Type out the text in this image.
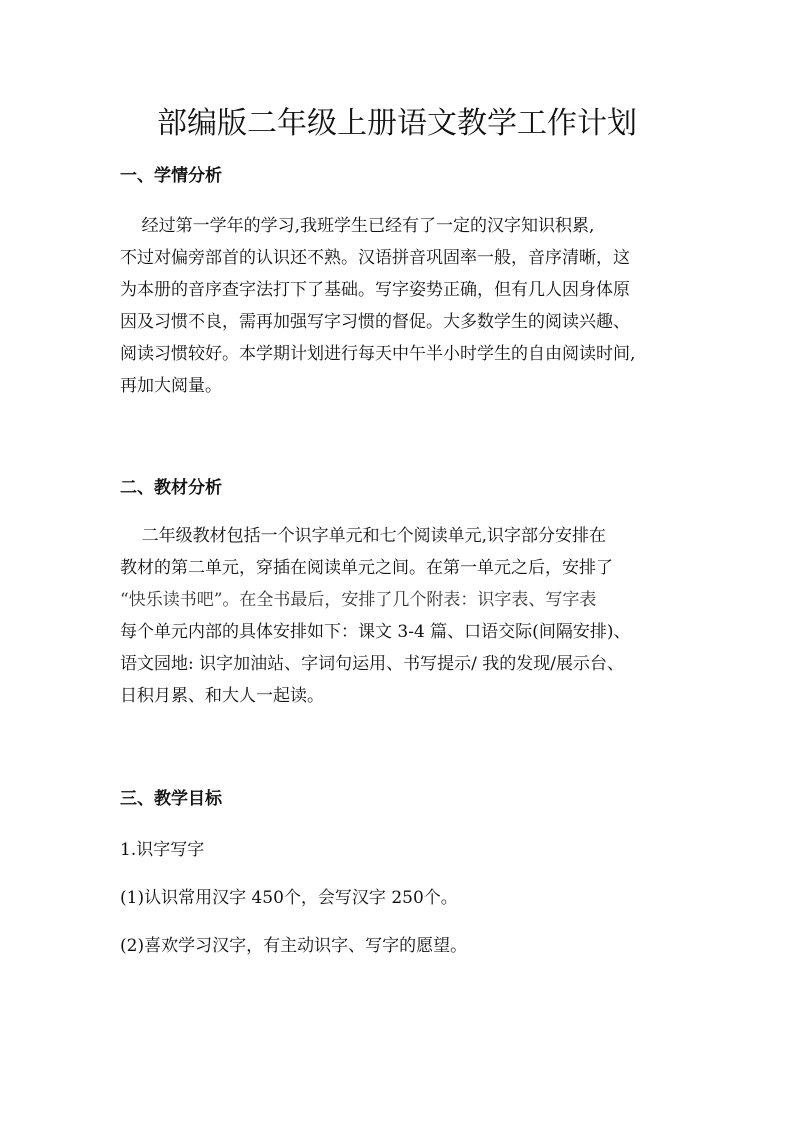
部编版二年级上册语文教学工作计划
一、学情分析
经过第一学年的学习,我班学生已经有了一定的汉字知识积累,
不过对偏旁部首的认识还不熟。汉语拼音巩固率一般，音序清晰，这
为本册的音序查字法打下了基础。写字姿势正确，但有几人因身体原
因及习惯不良，需再加强写字习惯的督促。大多数学生的阅读兴趣、
阅读习惯较好。本学期计划进行每天中午半小时学生的自由阅读时间,
再加大阅量。
二、教材分析
二年级教材包括一个识字单元和七个阅读单元,识字部分安排在
教材的第二单元，穿插在阅读单元之间。在第一单元之后，安排了
“快乐读书吧”。在全书最后，安排了几个附表：识字表、写字表
每个单元内部的具体安排如下：课文 3-4 篇、口语交际(间隔安排)、
语文园地: 识字加油站、字词句运用、书写提示/ 我的发现/展示台、
日积月累、和大人一起读。
三、教学目标

1.识字写字

(1)认识常用汉字 450个，会写汉字 250个。

(2)喜欢学习汉字，有主动识字、写字的愿望。
